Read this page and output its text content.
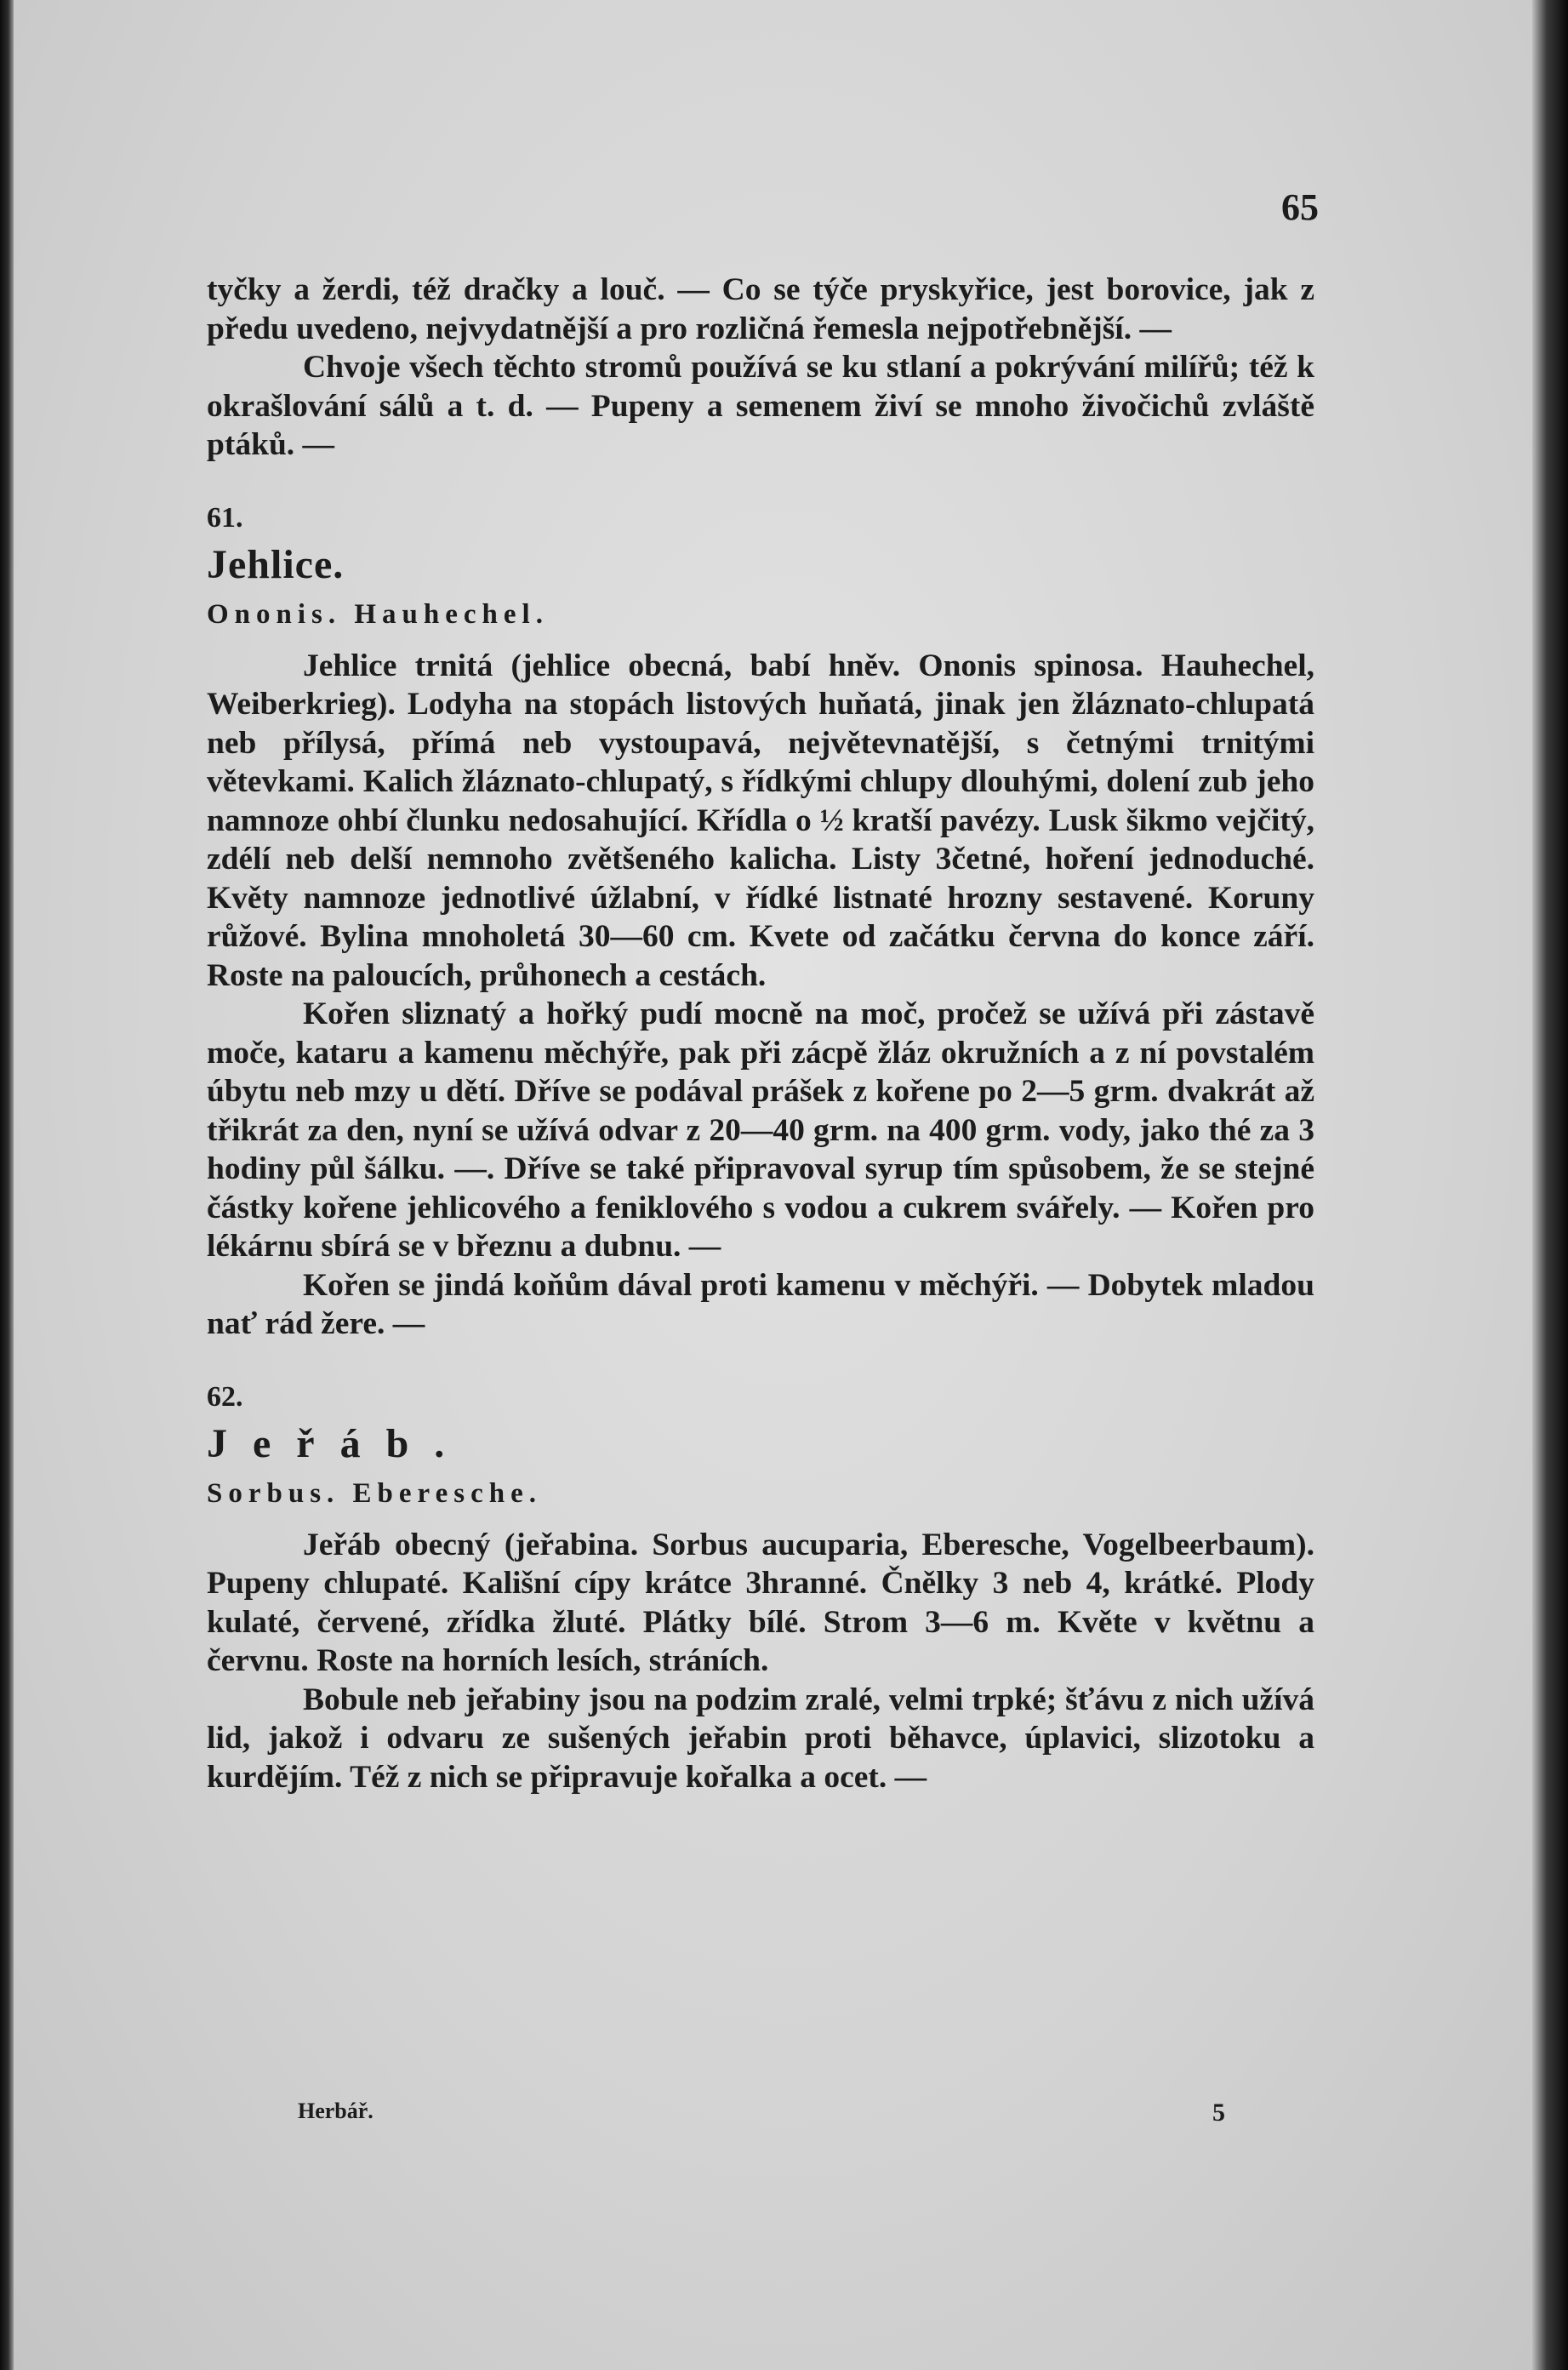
65

tyčky a žerdi, též dračky a louč. — Co se týče pryskyřice, jest borovice, jak z předu uvedeno, nejvydatnější a pro rozličná řemesla nejpotřebnější. —

Chvoje všech těchto stromů používá se ku stlaní a pokrývání milířů; též k okrašlování sálů a t. d. — Pupeny a semenem živí se mnoho živočichů zvláště ptáků. —

61.
Jehlice.
Ononis. Hauhechel.

Jehlice trnitá (jehlice obecná, babí hněv. Ononis spinosa. Hauhechel, Weiberkrieg). Lodyha na stopách listových huňatá, jinak jen žláznato-chlupatá neb přílysá, přímá neb vystoupavá, největevnatější, s četnými trnitými větevkami. Kalich žláznato-chlupatý, s řídkými chlupy dlouhými, dolení zub jeho namnoze ohbí člunku nedosahující. Křídla o ½ kratší pavézy. Lusk šikmo vejčitý, zdélí neb delší nemnoho zvětšeného kalicha. Listy 3četné, hoření jednoduché. Květy namnoze jednotlivé úžlabní, v řídké listnaté hrozny sestavené. Koruny růžové. Bylina mnoholetá 30—60 cm. Kvete od začátku června do konce září. Roste na paloucích, průhonech a cestách.

Kořen sliznatý a hořký pudí mocně na moč, pročež se užívá při zástavě moče, kataru a kamenu měchýře, pak při zácpě žláz okružních a z ní povstalém úbytu neb mzy u dětí. Dříve se podával prášek z kořene po 2—5 grm. dvakrát až třikrát za den, nyní se užívá odvar z 20—40 grm. na 400 grm. vody, jako thé za 3 hodiny půl šálku. —. Dříve se také připravoval syrup tím spůsobem, že se stejné částky kořene jehlicového a feniklového s vodou a cukrem svářely. — Kořen pro lékárnu sbírá se v březnu a dubnu. —

Kořen se jindá koňům dával proti kamenu v měchýři. — Dobytek mladou nať rád žere. —

62.
Jeřáb.
Sorbus. Eberesche.

Jeřáb obecný (jeřabina. Sorbus aucuparia, Eberesche, Vogelbeerbaum). Pupeny chlupaté. Kališní cípy krátce 3hranné. Čnělky 3 neb 4, krátké. Plody kulaté, červené, zřídka žluté. Plátky bílé. Strom 3—6 m. Květe v květnu a červnu. Roste na horních lesích, stráních.

Bobule neb jeřabiny jsou na podzim zralé, velmi trpké; šťávu z nich užívá lid, jakož i odvaru ze sušených jeřabin proti běhavce, úplavici, slizotoku a kurdějím. Též z nich se připravuje kořalka a ocet. —

Herbář.	5
